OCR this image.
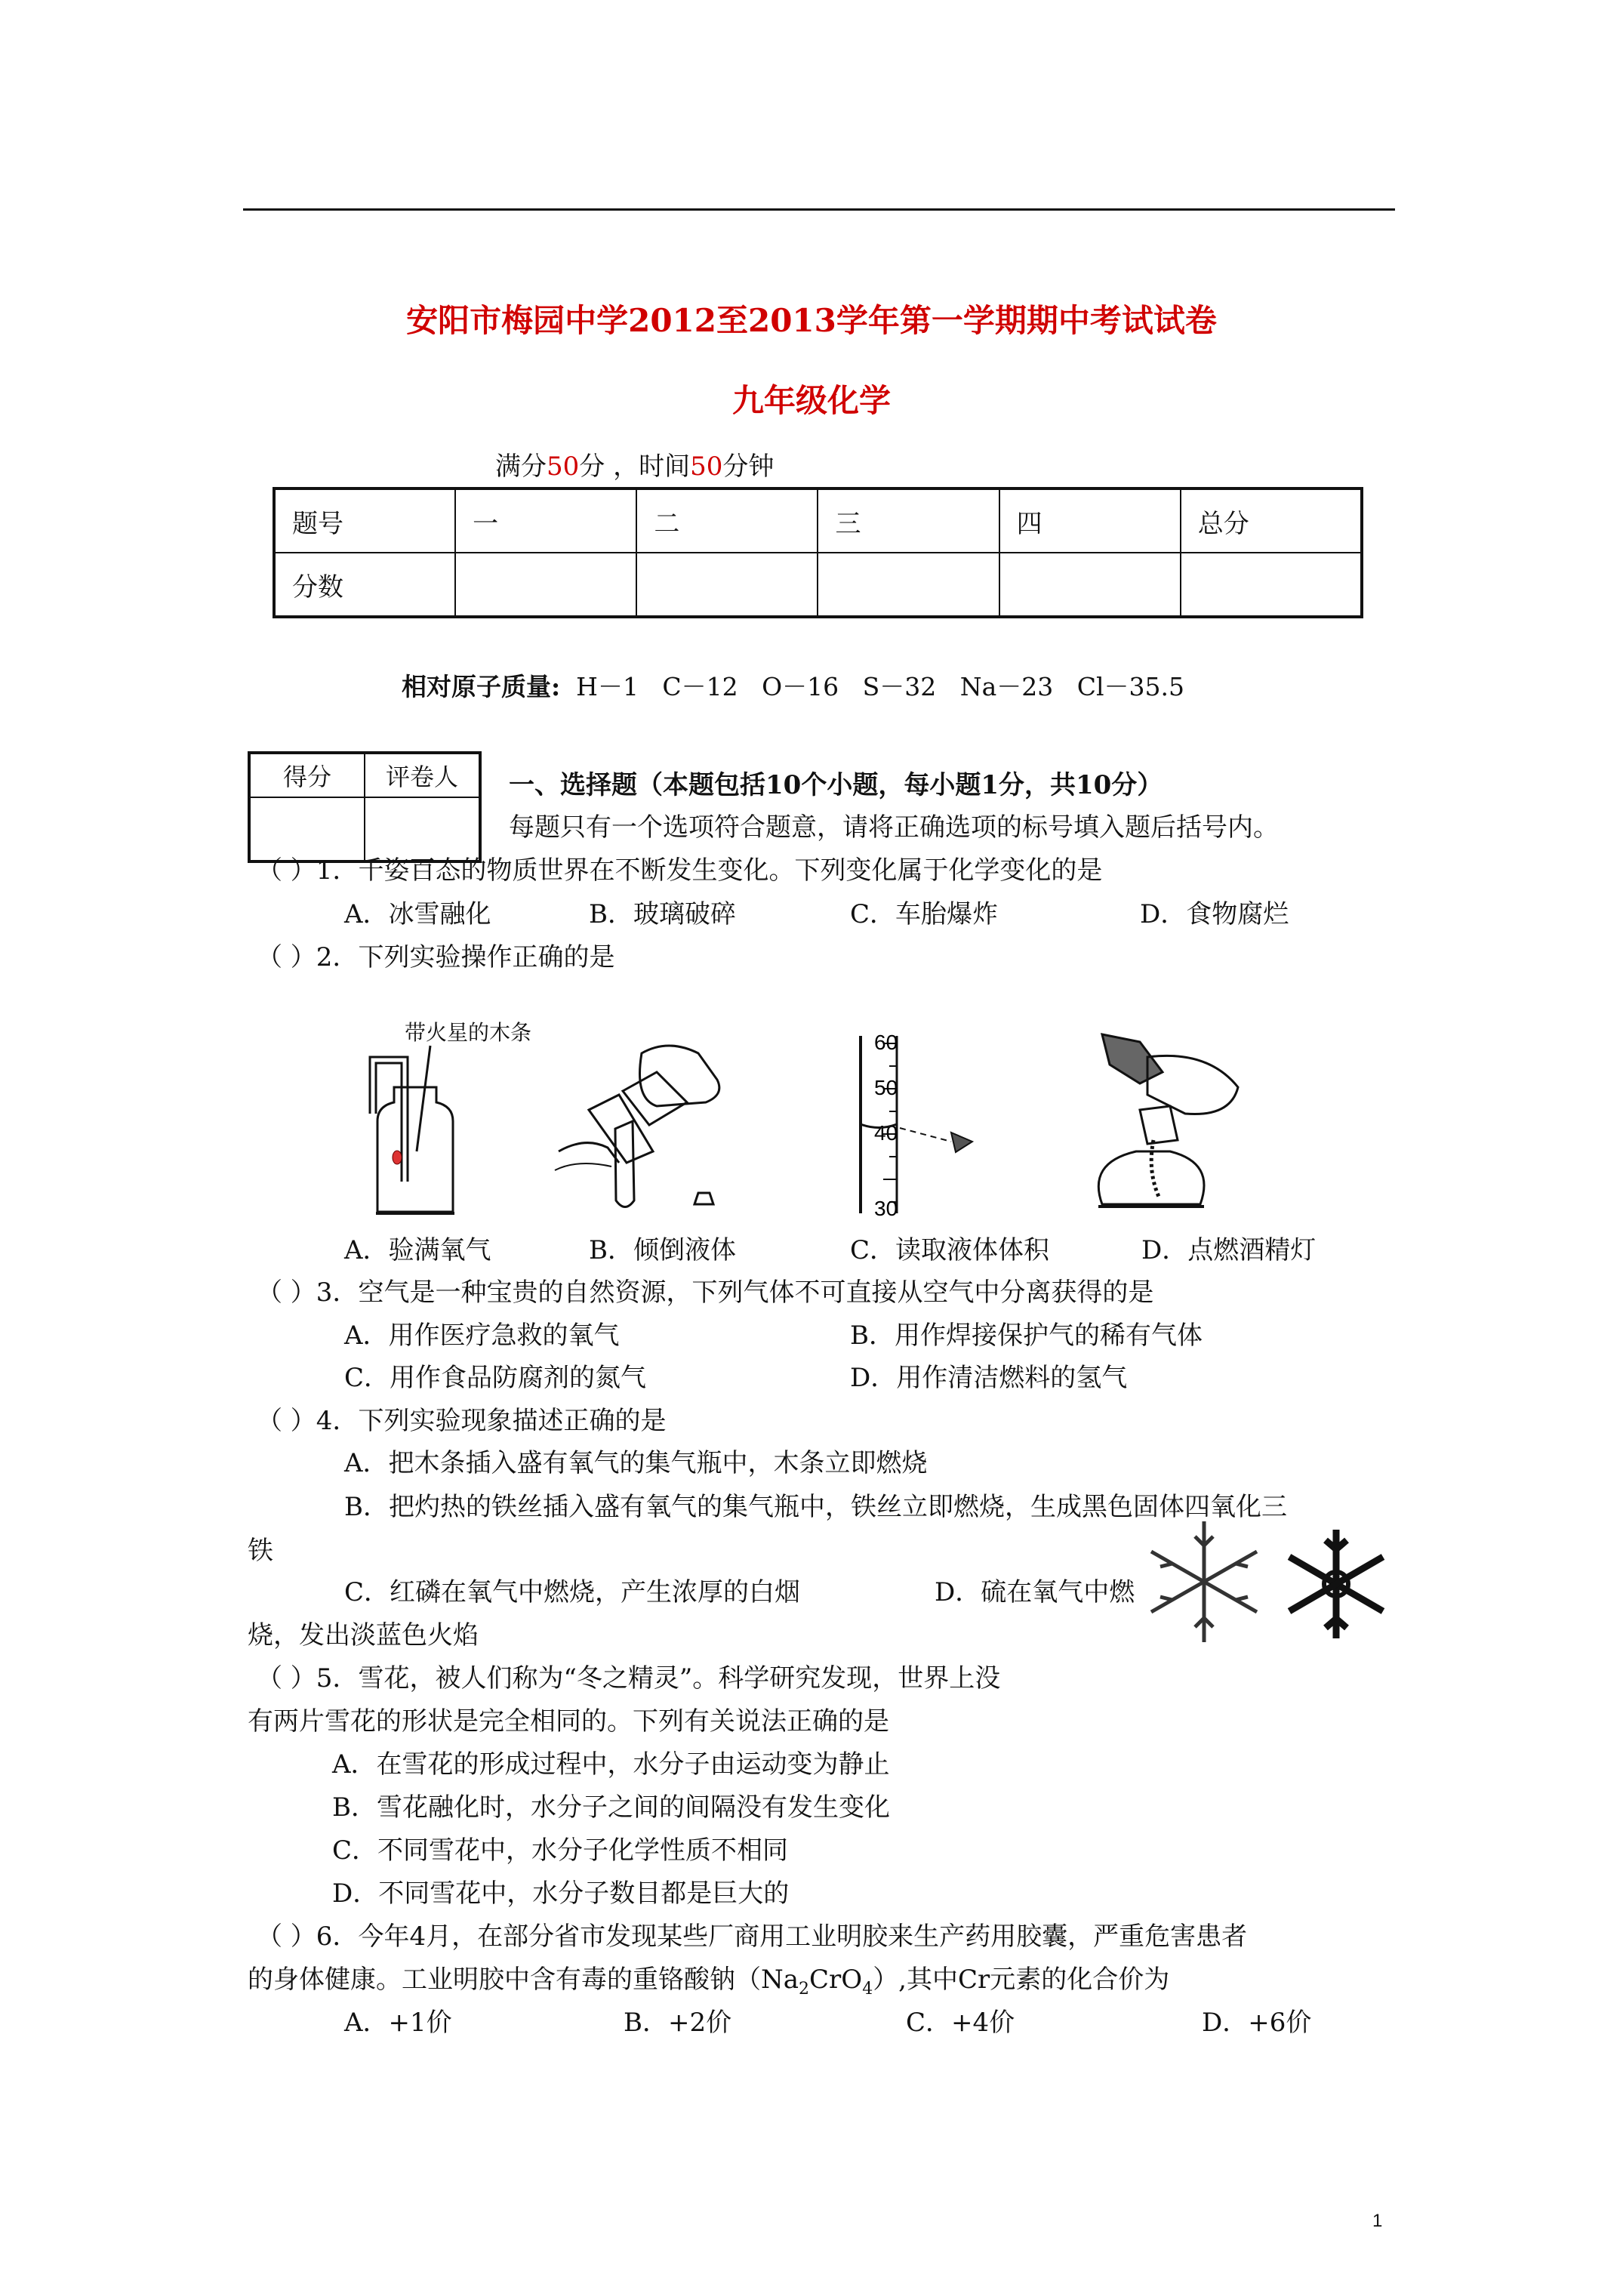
安阳市梅园中学2012至2013学年第一学期期中考试试卷
九年级化学
满分50分 ，时间50分钟
题号	一	二	三	四	总分
分数					
相对原子质量: H－1   C－12   O－16   S－32   Na－23   Cl－35.5
得分	评卷人
	一、选择题（本题包括10个小题，每小题1分，共10分）
每题只有一个选项符合题意，请将正确选项的标号填入题后括号内。
（ ）1．千姿百态的物质世界在不断发生变化。下列变化属于化学变化的是
A．冰雪融化	B．玻璃破碎	C．车胎爆炸	D．食物腐烂
（ ）2．下列实验操作正确的是
带火星的木条	60
50
40
30
A．验满氧气	B．倾倒液体	C．读取液体体积	D．点燃酒精灯
（ ）3．空气是一种宝贵的自然资源，下列气体不可直接从空气中分离获得的是
A．用作医疗急救的氧气	B．用作焊接保护气的稀有气体
C．用作食品防腐剂的氮气	D．用作清洁燃料的氢气
（ ）4．下列实验现象描述正确的是
A．把木条插入盛有氧气的集气瓶中，木条立即燃烧
B．把灼热的铁丝插入盛有氧气的集气瓶中，铁丝立即燃烧，生成黑色固体四氧化三
铁
C．红磷在氧气中燃烧，产生浓厚的白烟	D．硫在氧气中燃
烧，发出淡蓝色火焰
（ ）5．雪花，被人们称为“冬之精灵”。科学研究发现，世界上没
有两片雪花的形状是完全相同的。下列有关说法正确的是
A．在雪花的形成过程中，水分子由运动变为静止
B．雪花融化时，水分子之间的间隔没有发生变化
C．不同雪花中，水分子化学性质不相同
D．不同雪花中，水分子数目都是巨大的
（ ）6．今年4月，在部分省市发现某些厂商用工业明胶来生产药用胶囊，严重危害患者
的身体健康。工业明胶中含有毒的重铬酸钠$(Na_2CrO_4)$,其中Cr元素的化合价为
A．+1价	B．+2价	C．+4价	D．+6价
1
